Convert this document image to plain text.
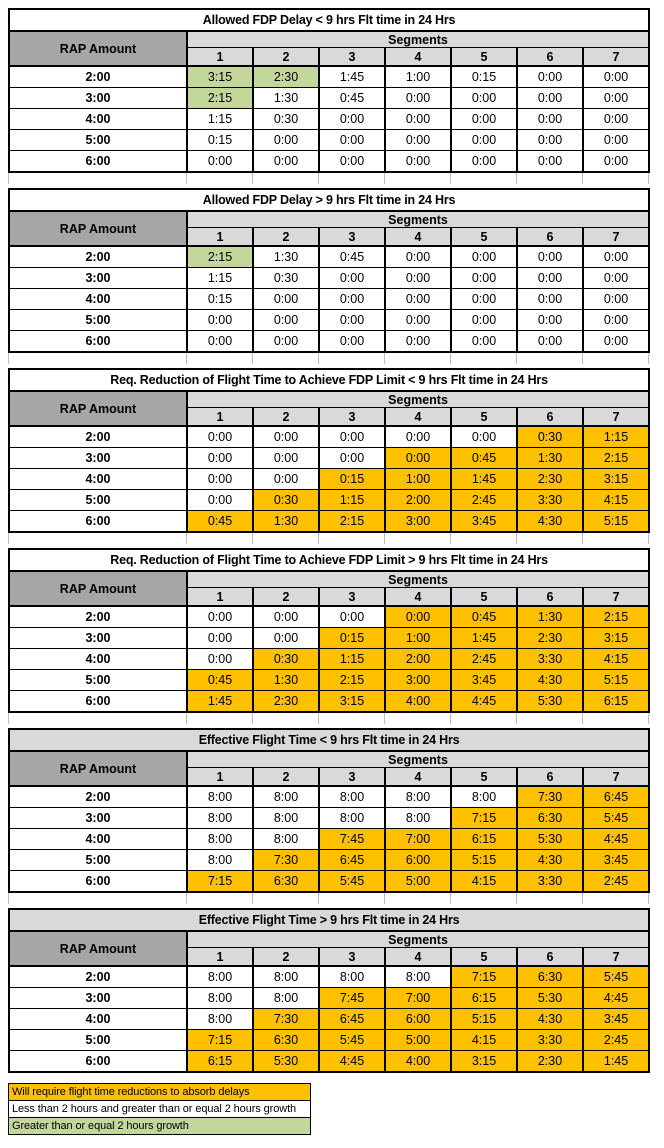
Allowed FDP Delay < 9 hrs Flt time in 24 Hrs							
RAP Amount	Segments						
	1	2	3	4	5	6	7
2:00	3:15	2:30	1:45	1:00	0:15	0:00	0:00
3:00	2:15	1:30	0:45	0:00	0:00	0:00	0:00
4:00	1:15	0:30	0:00	0:00	0:00	0:00	0:00
5:00	0:15	0:00	0:00	0:00	0:00	0:00	0:00
6:00	0:00	0:00	0:00	0:00	0:00	0:00	0:00
Allowed FDP Delay > 9 hrs Flt time in 24 Hrs							
RAP Amount	Segments						
	1	2	3	4	5	6	7
2:00	2:15	1:30	0:45	0:00	0:00	0:00	0:00
3:00	1:15	0:30	0:00	0:00	0:00	0:00	0:00
4:00	0:15	0:00	0:00	0:00	0:00	0:00	0:00
5:00	0:00	0:00	0:00	0:00	0:00	0:00	0:00
6:00	0:00	0:00	0:00	0:00	0:00	0:00	0:00
Req. Reduction of Flight Time to Achieve FDP Limit < 9 hrs Flt time in 24 Hrs							
RAP Amount	Segments						
	1	2	3	4	5	6	7
2:00	0:00	0:00	0:00	0:00	0:00	0:30	1:15
3:00	0:00	0:00	0:00	0:00	0:45	1:30	2:15
4:00	0:00	0:00	0:15	1:00	1:45	2:30	3:15
5:00	0:00	0:30	1:15	2:00	2:45	3:30	4:15
6:00	0:45	1:30	2:15	3:00	3:45	4:30	5:15
Req. Reduction of Flight Time to Achieve FDP Limit > 9 hrs Flt time in 24 Hrs							
RAP Amount	Segments						
	1	2	3	4	5	6	7
2:00	0:00	0:00	0:00	0:00	0:45	1:30	2:15
3:00	0:00	0:00	0:15	1:00	1:45	2:30	3:15
4:00	0:00	0:30	1:15	2:00	2:45	3:30	4:15
5:00	0:45	1:30	2:15	3:00	3:45	4:30	5:15
6:00	1:45	2:30	3:15	4:00	4:45	5:30	6:15
Effective Flight Time < 9 hrs Flt time in 24 Hrs							
RAP Amount	Segments						
	1	2	3	4	5	6	7
2:00	8:00	8:00	8:00	8:00	8:00	7:30	6:45
3:00	8:00	8:00	8:00	8:00	7:15	6:30	5:45
4:00	8:00	8:00	7:45	7:00	6:15	5:30	4:45
5:00	8:00	7:30	6:45	6:00	5:15	4:30	3:45
6:00	7:15	6:30	5:45	5:00	4:15	3:30	2:45
Effective Flight Time > 9 hrs Flt time in 24 Hrs							
RAP Amount	Segments						
	1	2	3	4	5	6	7
2:00	8:00	8:00	8:00	8:00	7:15	6:30	5:45
3:00	8:00	8:00	7:45	7:00	6:15	5:30	4:45
4:00	8:00	7:30	6:45	6:00	5:15	4:30	3:45
5:00	7:15	6:30	5:45	5:00	4:15	3:30	2:45
6:00	6:15	5:30	4:45	4:00	3:15	2:30	1:45
Will require flight time reductions to absorb delays
Less than 2 hours and greater than or equal 2 hours growth
Greater than or equal 2 hours growth
